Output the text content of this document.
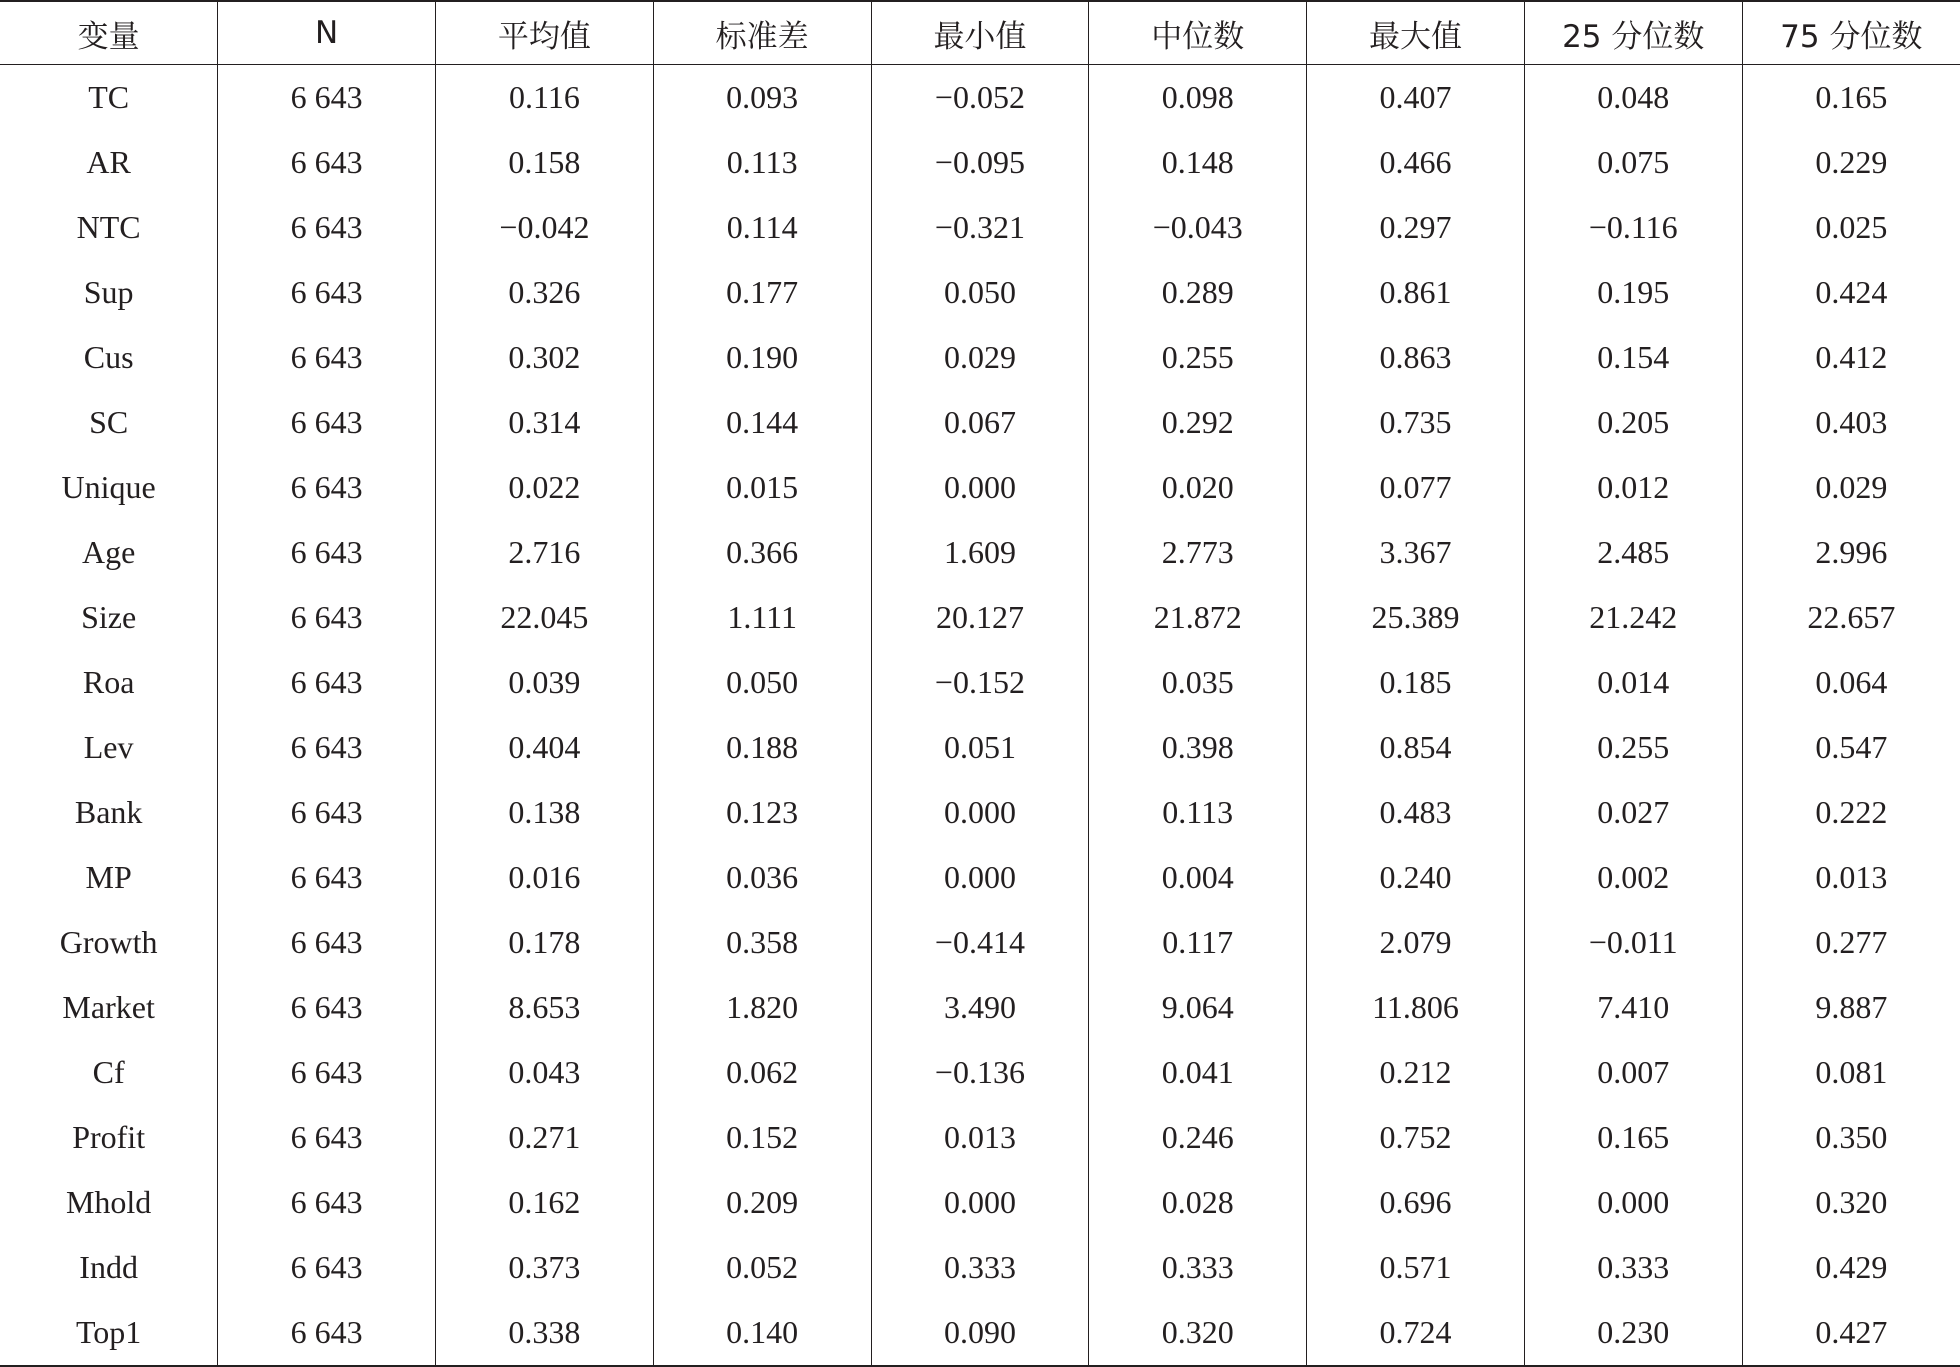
变量	N	平均值	标准差	最小值	中位数	最大值	25 分位数	75 分位数
TC	6 643	0.116	0.093	−0.052	0.098	0.407	0.048	0.165
AR	6 643	0.158	0.113	−0.095	0.148	0.466	0.075	0.229
NTC	6 643	−0.042	0.114	−0.321	−0.043	0.297	−0.116	0.025
Sup	6 643	0.326	0.177	0.050	0.289	0.861	0.195	0.424
Cus	6 643	0.302	0.190	0.029	0.255	0.863	0.154	0.412
SC	6 643	0.314	0.144	0.067	0.292	0.735	0.205	0.403
Unique	6 643	0.022	0.015	0.000	0.020	0.077	0.012	0.029
Age	6 643	2.716	0.366	1.609	2.773	3.367	2.485	2.996
Size	6 643	22.045	1.111	20.127	21.872	25.389	21.242	22.657
Roa	6 643	0.039	0.050	−0.152	0.035	0.185	0.014	0.064
Lev	6 643	0.404	0.188	0.051	0.398	0.854	0.255	0.547
Bank	6 643	0.138	0.123	0.000	0.113	0.483	0.027	0.222
MP	6 643	0.016	0.036	0.000	0.004	0.240	0.002	0.013
Growth	6 643	0.178	0.358	−0.414	0.117	2.079	−0.011	0.277
Market	6 643	8.653	1.820	3.490	9.064	11.806	7.410	9.887
Cf	6 643	0.043	0.062	−0.136	0.041	0.212	0.007	0.081
Profit	6 643	0.271	0.152	0.013	0.246	0.752	0.165	0.350
Mhold	6 643	0.162	0.209	0.000	0.028	0.696	0.000	0.320
Indd	6 643	0.373	0.052	0.333	0.333	0.571	0.333	0.429
Top1	6 643	0.338	0.140	0.090	0.320	0.724	0.230	0.427
